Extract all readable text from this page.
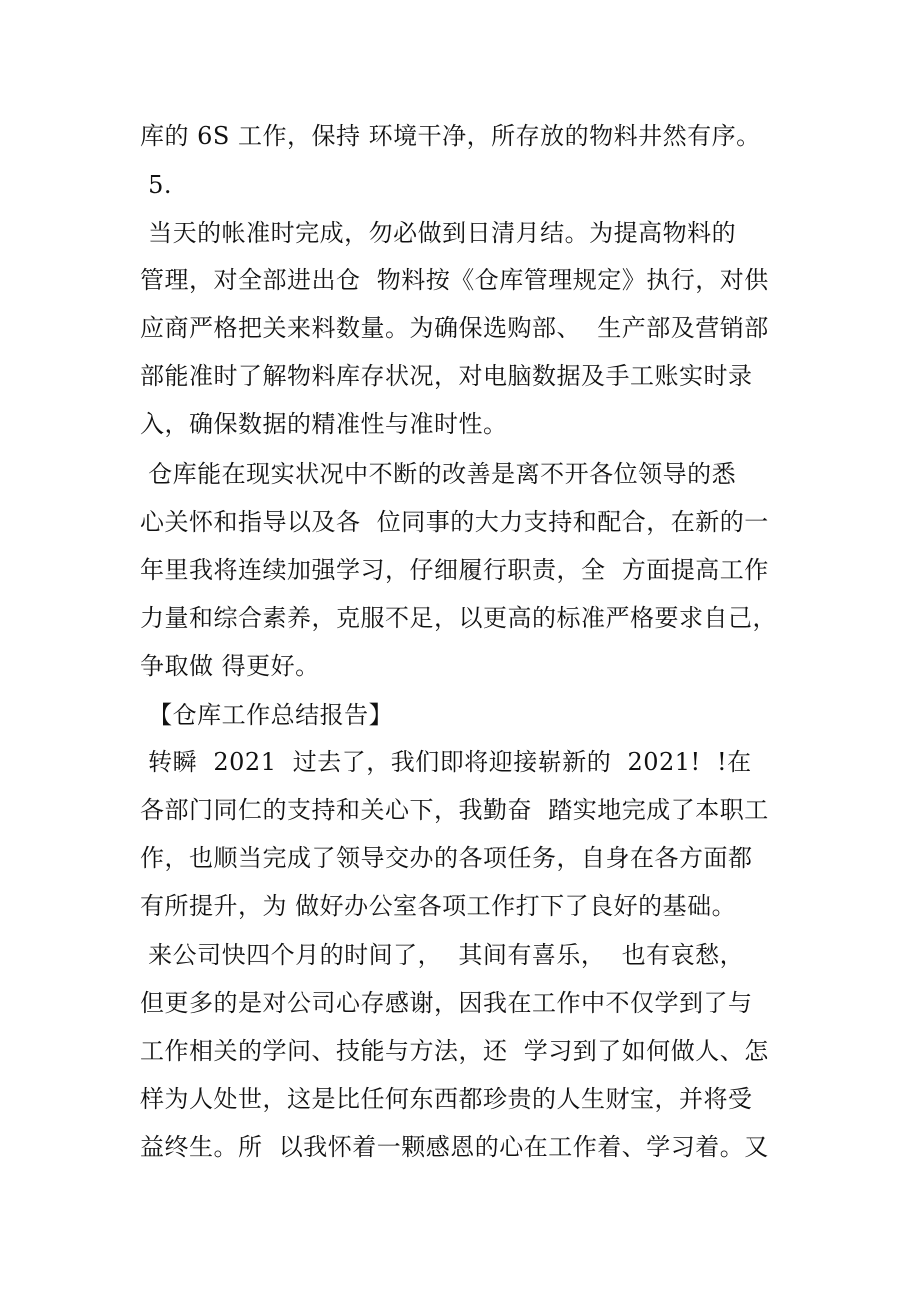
库的 6S 工作，保持 环境干净，所存放的物料井然有序。
5.
当天的帐准时完成，勿必做到日清月结。为提高物料的
管理，对全部进出仓  物料按《仓库管理规定》执行，对供
应商严格把关来料数量。为确保选购部、  生产部及营销部
部能准时了解物料库存状况，对电脑数据及手工账实时录
入，确保数据的精准性与准时性。
仓库能在现实状况中不断的改善是离不开各位领导的悉
心关怀和指导以及各  位同事的大力支持和配合，在新的一
年里我将连续加强学习，仔细履行职责，全  方面提高工作
力量和综合素养，克服不足，以更高的标准严格要求自己，
争取做 得更好。
【仓库工作总结报告】
转瞬  2021  过去了，我们即将迎接崭新的  2021!  !在
各部门同仁的支持和关心下，我勤奋  踏实地完成了本职工
作，也顺当完成了领导交办的各项任务，自身在各方面都
有所提升，为 做好办公室各项工作打下了良好的基础。
来公司快四个月的时间了，  其间有喜乐，  也有哀愁，
但更多的是对公司心存感谢，因我在工作中不仅学到了与
工作相关的学问、技能与方法，还  学习到了如何做人、怎
样为人处世，这是比任何东西都珍贵的人生财宝，并将受
益终生。所  以我怀着一颗感恩的心在工作着、学习着。又
